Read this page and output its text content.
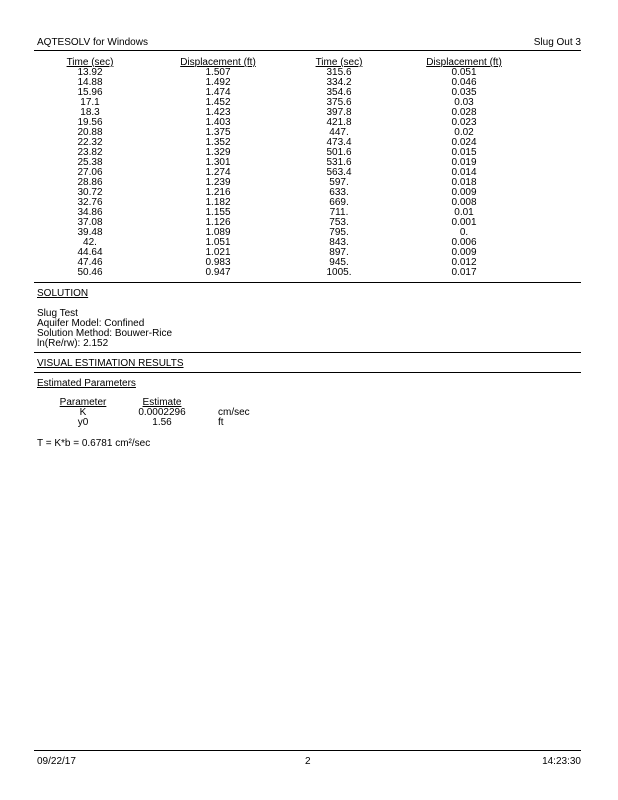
AQTESOLV for Windows	Slug Out 3
Time (sec)	Displacement (ft)	Time (sec)	Displacement (ft)
13.92	1.507	315.6	0.051
14.88	1.492	334.2	0.046
15.96	1.474	354.6	0.035
17.1	1.452	375.6	0.03
18.3	1.423	397.8	0.028
19.56	1.403	421.8	0.023
20.88	1.375	447.	0.02
22.32	1.352	473.4	0.024
23.82	1.329	501.6	0.015
25.38	1.301	531.6	0.019
27.06	1.274	563.4	0.014
28.86	1.239	597.	0.018
30.72	1.216	633.	0.009
32.76	1.182	669.	0.008
34.86	1.155	711.	0.01
37.08	1.126	753.	0.001
39.48	1.089	795.	0.
42.	1.051	843.	0.006
44.64	1.021	897.	0.009
47.46	0.983	945.	0.012
50.46	0.947	1005.	0.017
SOLUTION
Slug Test
Aquifer Model: Confined
Solution Method: Bouwer-Rice
ln(Re/rw): 2.152
VISUAL ESTIMATION RESULTS
Estimated Parameters
Parameter	Estimate	
K	0.0002296	cm/sec
y0	1.56	ft
T = K*b = 0.6781 cm²/sec
09/22/17	2	14:23:30
